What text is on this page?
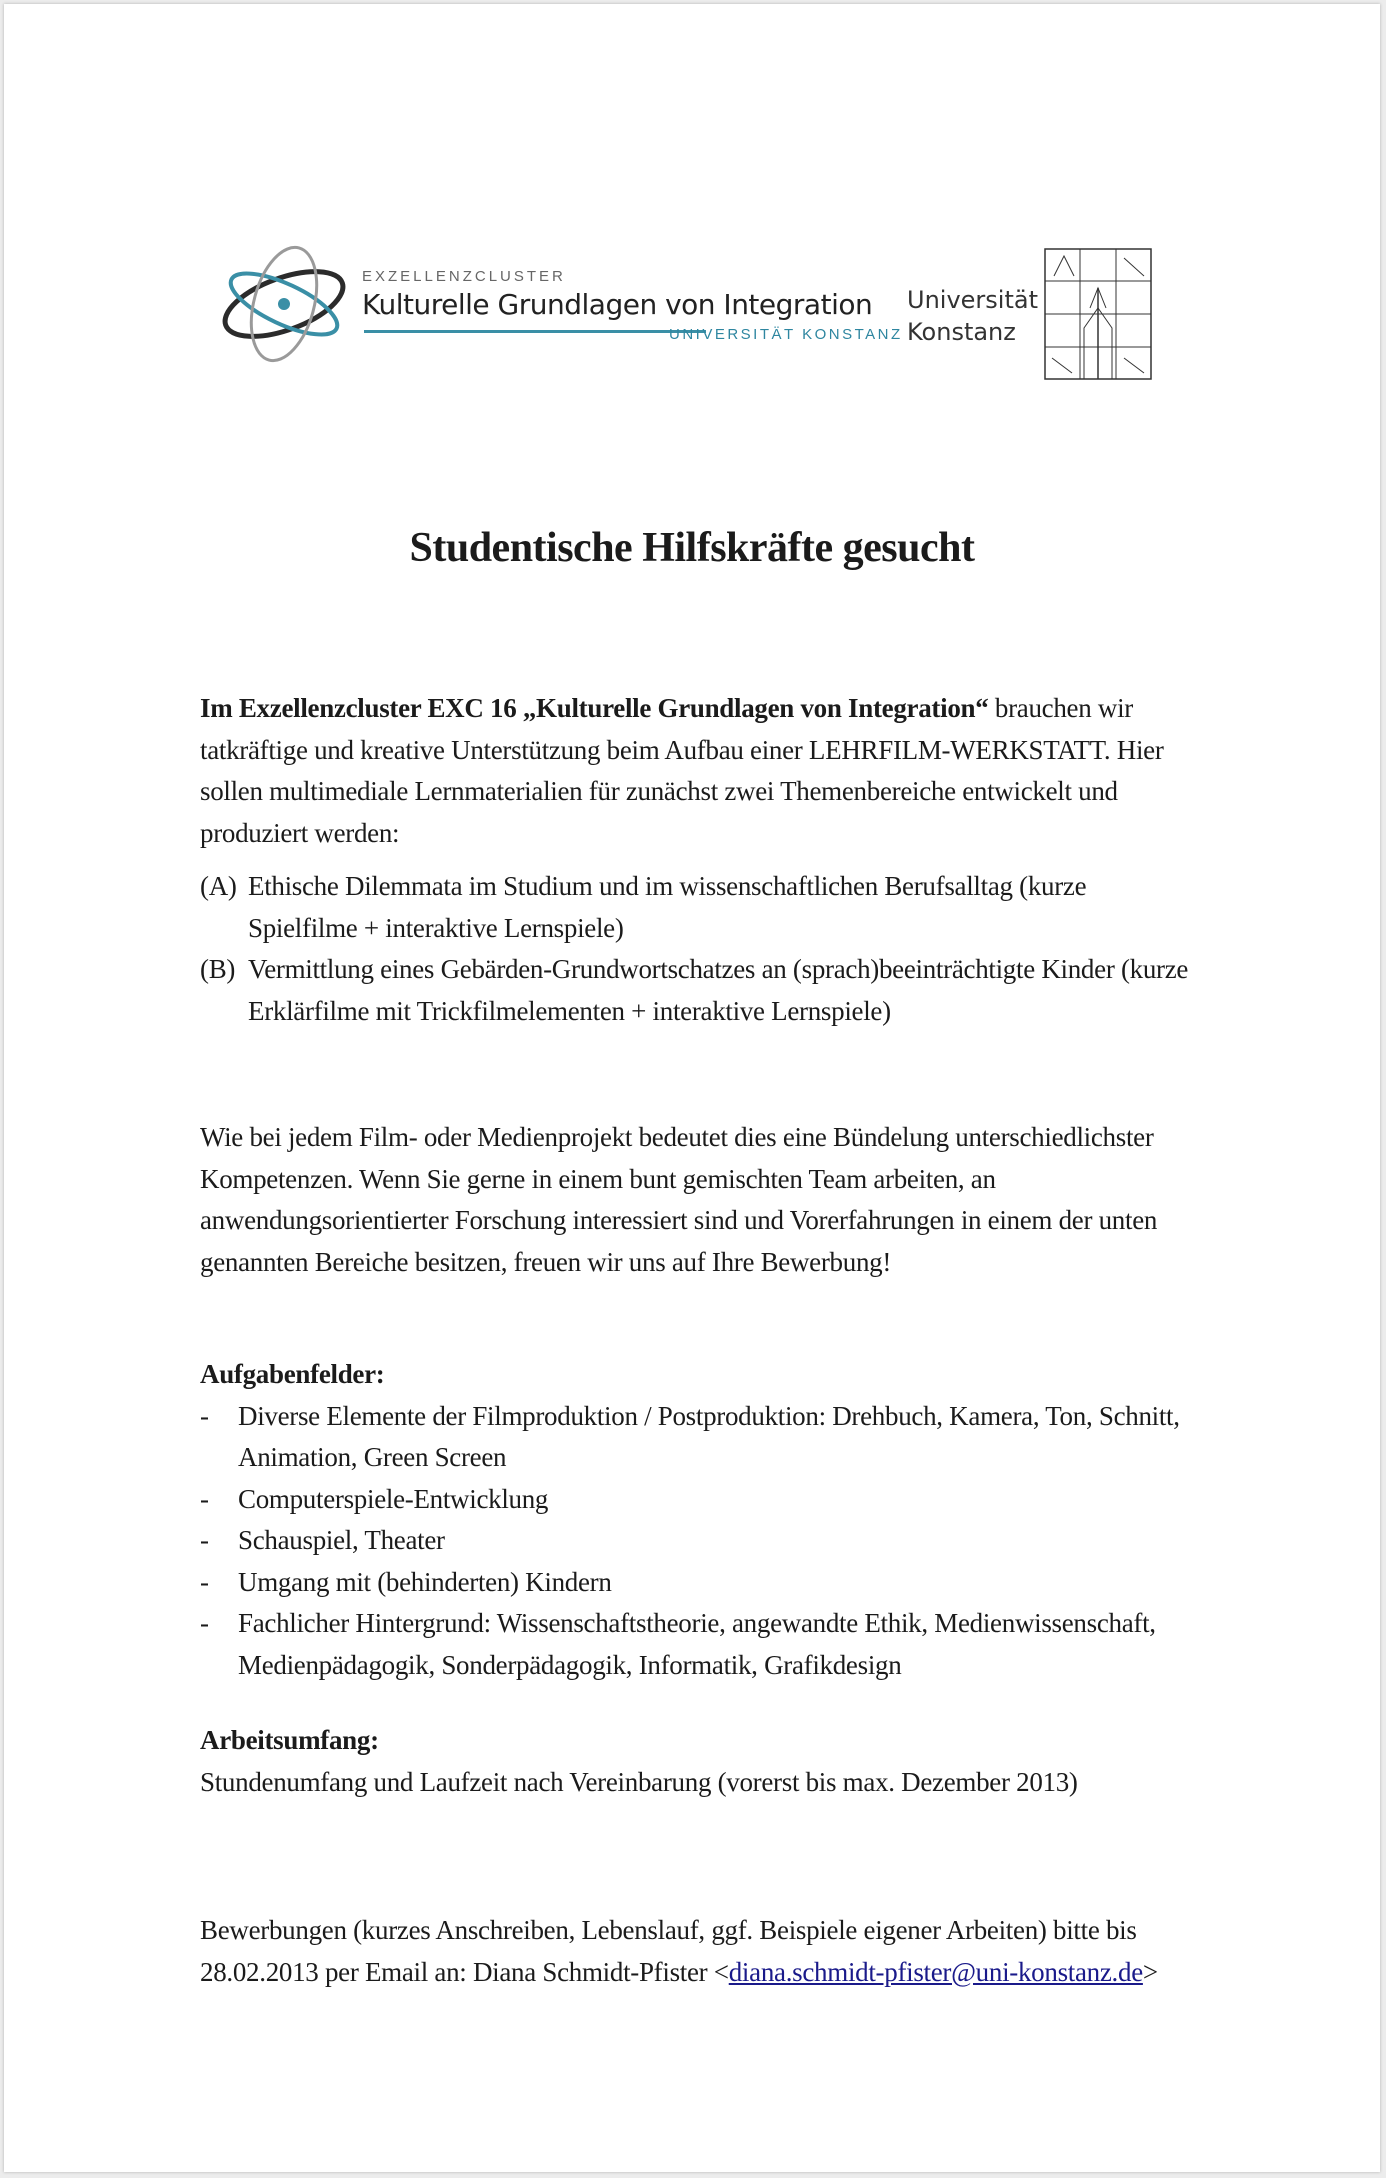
EXZELLENZCLUSTER
Kulturelle Grundlagen von Integration
UNIVERSITÄT KONSTANZ
Universität
Konstanz
Studentische Hilfskräfte gesucht

Im Exzellenzcluster EXC 16 „Kulturelle Grundlagen von Integration“ brauchen wir tatkräftige und kreative Unterstützung beim Aufbau einer LEHRFILM-WERKSTATT. Hier sollen multimediale Lernmaterialien für zunächst zwei Themenbereiche entwickelt und produziert werden:

(A) Ethische Dilemmata im Studium und im wissenschaftlichen Berufsalltag (kurze Spielfilme + interaktive Lernspiele)
(B) Vermittlung eines Gebärden-Grundwortschatzes an (sprach)beeinträchtigte Kinder (kurze Erklärfilme mit Trickfilmelementen + interaktive Lernspiele)

Wie bei jedem Film- oder Medienprojekt bedeutet dies eine Bündelung unterschiedlichster Kompetenzen. Wenn Sie gerne in einem bunt gemischten Team arbeiten, an anwendungsorientierter Forschung interessiert sind und Vorerfahrungen in einem der unten genannten Bereiche besitzen, freuen wir uns auf Ihre Bewerbung!

Aufgabenfelder:

-	Diverse Elemente der Filmproduktion / Postproduktion: Drehbuch, Kamera, Ton, Schnitt, Animation, Green Screen
-	Computerspiele-Entwicklung
-	Schauspiel, Theater
-	Umgang mit (behinderten) Kindern
-	Fachlicher Hintergrund: Wissenschaftstheorie, angewandte Ethik, Medienwissenschaft, Medienpädagogik, Sonderpädagogik, Informatik, Grafikdesign

Arbeitsumfang:

Stundenumfang und Laufzeit nach Vereinbarung (vorerst bis max. Dezember 2013)

Bewerbungen (kurzes Anschreiben, Lebenslauf, ggf. Beispiele eigener Arbeiten) bitte bis

28.02.2013 per Email an: Diana Schmidt-Pfister <diana.schmidt-pfister@uni-konstanz.de>
